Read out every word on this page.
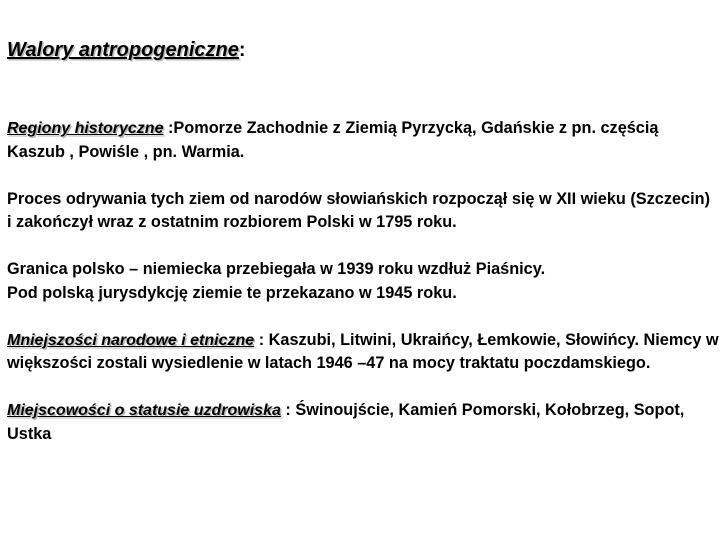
Walory antropogeniczne:

Regiony historyczne :Pomorze Zachodnie z Ziemią Pyrzycką, Gdańskie z pn. częścią Kaszub , Powiśle , pn. Warmia.

Proces odrywania tych ziem od narodów słowiańskich rozpoczął się w XII wieku (Szczecin) i zakończył wraz z ostatnim rozbiorem Polski w 1795 roku.

Granica polsko – niemiecka przebiegała w 1939 roku wzdłuż Piaśnicy.
Pod polską jurysdykcję ziemie te przekazano w 1945 roku.

Mniejszości narodowe i etniczne : Kaszubi, Litwini, Ukraińcy, Łemkowie, Słowińcy. Niemcy w większości zostali wysiedlenie w latach 1946 –47 na mocy traktatu poczdamskiego.

Miejscowości o statusie uzdrowiska : Świnoujście, Kamień Pomorski, Kołobrzeg, Sopot, Ustka
